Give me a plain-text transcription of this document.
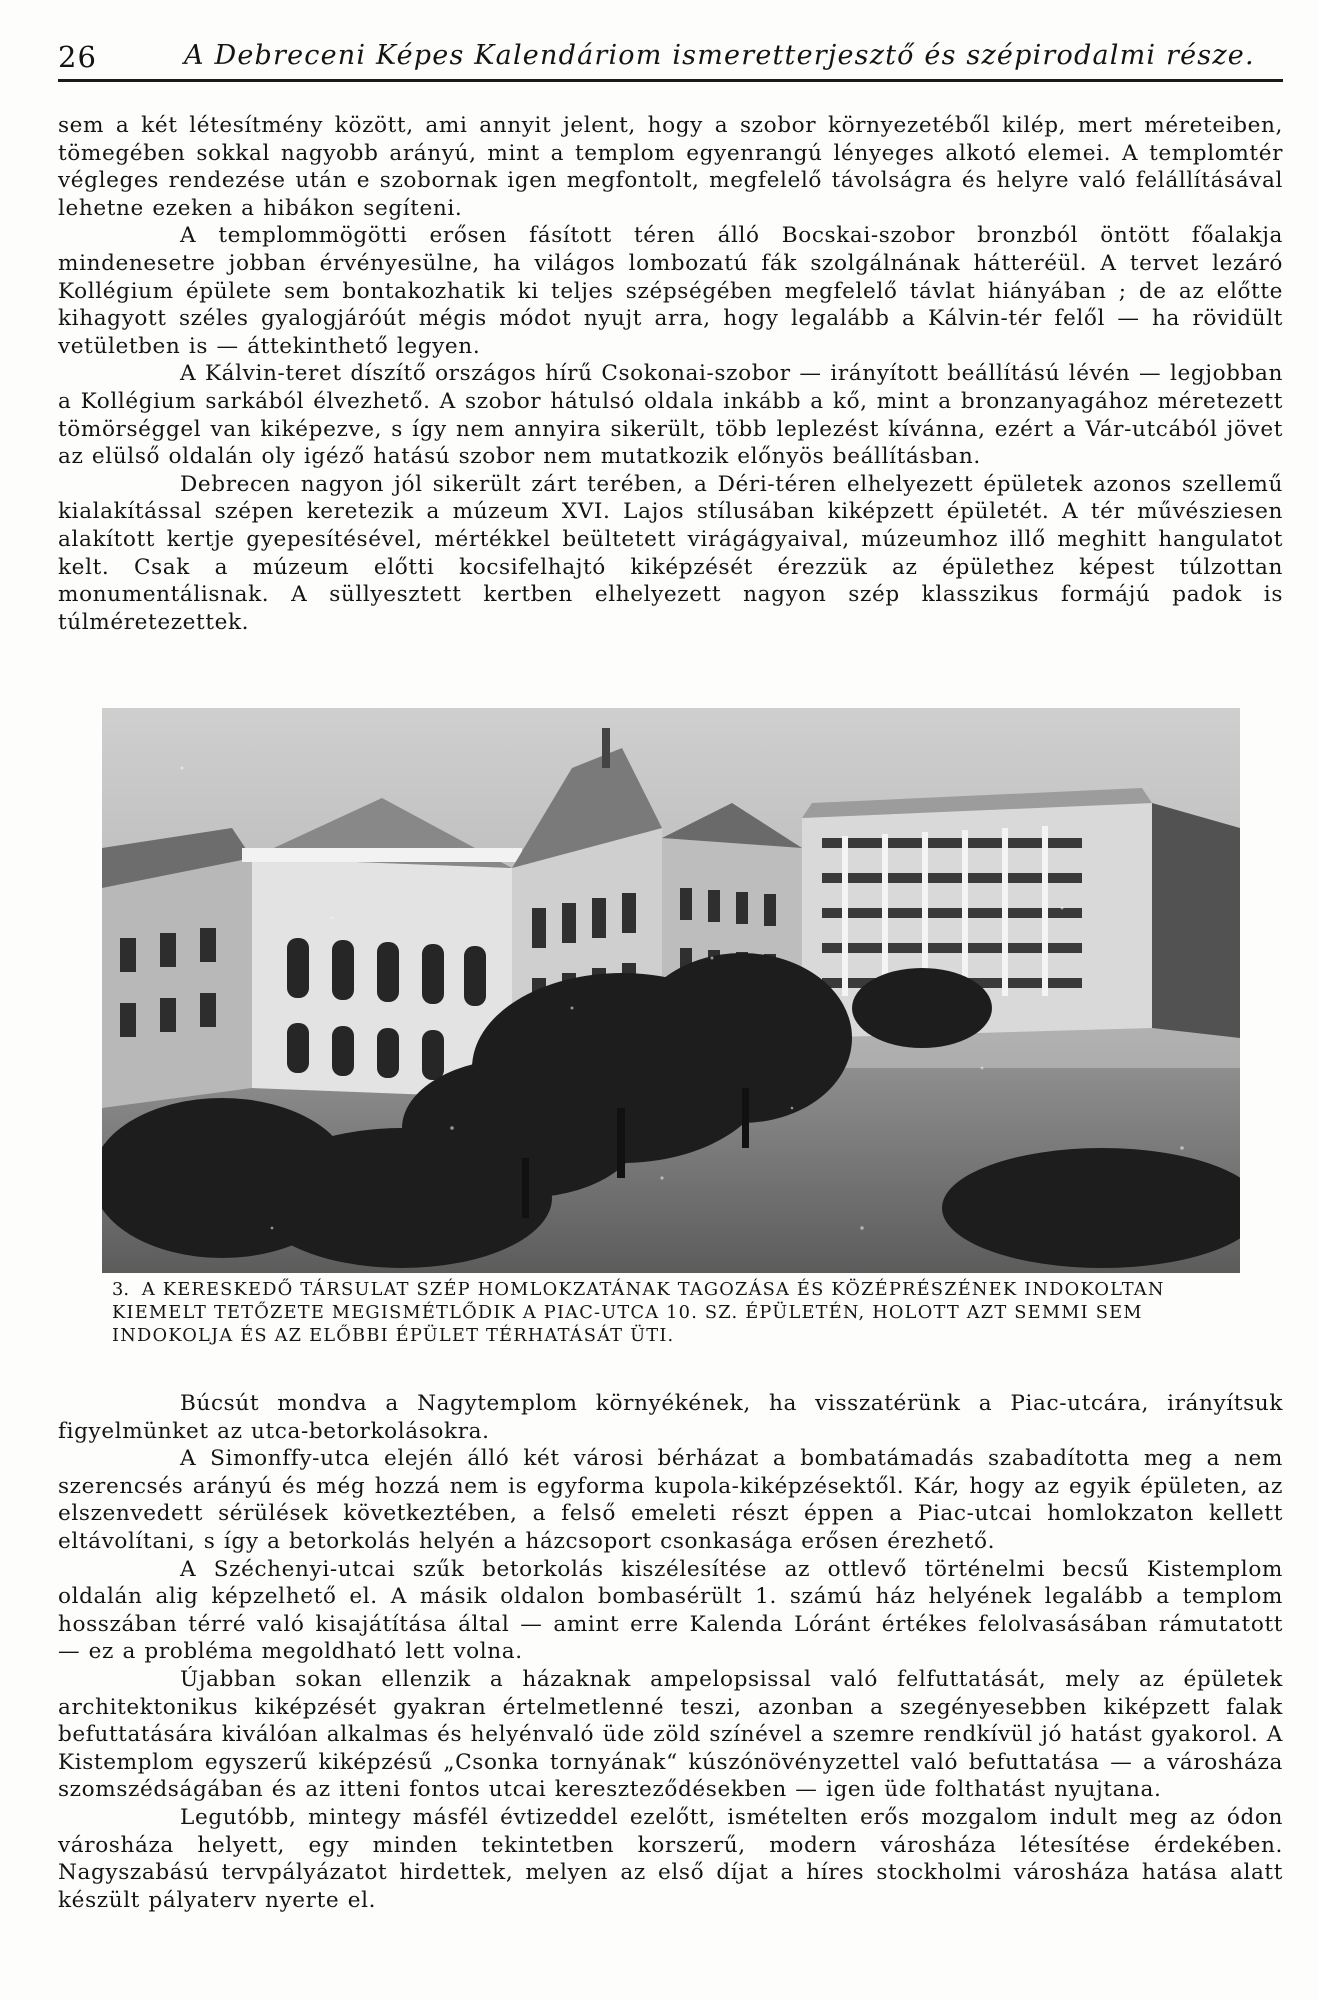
26	A Debreceni Képes Kalendáriom ismeretterjesztő és szépirodalmi része.

sem a két létesítmény között, ami annyit jelent, hogy a szobor környezetéből kilép, mert méreteiben, tömegében sokkal nagyobb arányú, mint a templom egyenrangú lényeges alkotó elemei. A templomtér végleges rendezése után e szobornak igen megfontolt, megfelelő távolságra és helyre való felállításával lehetne ezeken a hibákon segíteni.

A templommögötti erősen fásított téren álló Bocskai-szobor bronzból öntött főalakja mindenesetre jobban érvényesülne, ha világos lombozatú fák szolgálnának hátteréül. A tervet lezáró Kollégium épülete sem bontakozhatik ki teljes szépségében megfelelő távlat hiányában ; de az előtte kihagyott széles gyalogjáróút mégis módot nyujt arra, hogy legalább a Kálvin-tér felől — ha rövidült vetületben is — áttekinthető legyen.

A Kálvin-teret díszítő országos hírű Csokonai-szobor — irányított beállítású lévén — legjobban a Kollégium sarkából élvezhető. A szobor hátulsó oldala inkább a kő, mint a bronzanyagához méretezett tömörséggel van kiképezve, s így nem annyira sikerült, több leplezést kívánna, ezért a Vár-utcából jövet az elülső oldalán oly igéző hatású szobor nem mutatkozik előnyös beállításban.

Debrecen nagyon jól sikerült zárt terében, a Déri-téren elhelyezett épületek azonos szellemű kialakítással szépen keretezik a múzeum XVI. Lajos stílusában kiképzett épületét. A tér művésziesen alakított kertje gyepesítésével, mértékkel beültetett virágágyaival, múzeumhoz illő meghitt hangulatot kelt. Csak a múzeum előtti kocsifelhajtó kiképzését érezzük az épülethez képest túlzottan monumentálisnak. A süllyesztett kertben elhelyezett nagyon szép klasszikus formájú padok is túlméretezettek.

3. A KERESKEDŐ TÁRSULAT SZÉP HOMLOKZATÁNAK TAGOZÁSA ÉS KÖZÉPRÉSZÉNEK INDOKOLTAN KIEMELT TETŐZETE MEGISMÉTLŐDIK A PIAC-UTCA 10. SZ. ÉPÜLETÉN, HOLOTT AZT SEMMI SEM INDOKOLJA ÉS AZ ELŐBBI ÉPÜLET TÉRHATÁSÁT ÜTI.

Búcsút mondva a Nagytemplom környékének, ha visszatérünk a Piac-utcára, irányítsuk figyelmünket az utca-betorkolásokra.

A Simonffy-utca elején álló két városi bérházat a bombatámadás szabadította meg a nem szerencsés arányú és még hozzá nem is egyforma kupola-kiképzésektől. Kár, hogy az egyik épületen, az elszenvedett sérülések következtében, a felső emeleti részt éppen a Piac-utcai homlokzaton kellett eltávolítani, s így a betorkolás helyén a házcsoport csonkasága erősen érezhető.

A Széchenyi-utcai szűk betorkolás kiszélesítése az ottlevő történelmi becsű Kistemplom oldalán alig képzelhető el. A másik oldalon bombasérült 1. számú ház helyének legalább a templom hosszában térré való kisajátítása által — amint erre Kalenda Lóránt értékes felolvasásában rámutatott — ez a probléma megoldható lett volna.

Újabban sokan ellenzik a házaknak ampelopsissal való felfuttatását, mely az épületek architektonikus kiképzését gyakran értelmetlenné teszi, azonban a szegényesebben kiképzett falak befuttatására kiválóan alkalmas és helyénvaló üde zöld színével a szemre rendkívül jó hatást gyakorol. A Kistemplom egyszerű kiképzésű „Csonka tornyának“ kúszónövényzettel való befuttatása — a városháza szomszédságában és az itteni fontos utcai kereszteződésekben — igen üde folthatást nyujtana.

Legutóbb, mintegy másfél évtizeddel ezelőtt, ismételten erős mozgalom indult meg az ódon városháza helyett, egy minden tekintetben korszerű, modern városháza létesítése érdekében. Nagyszabású tervpályázatot hirdettek, melyen az első díjat a híres stockholmi városháza hatása alatt készült pályaterv nyerte el.
